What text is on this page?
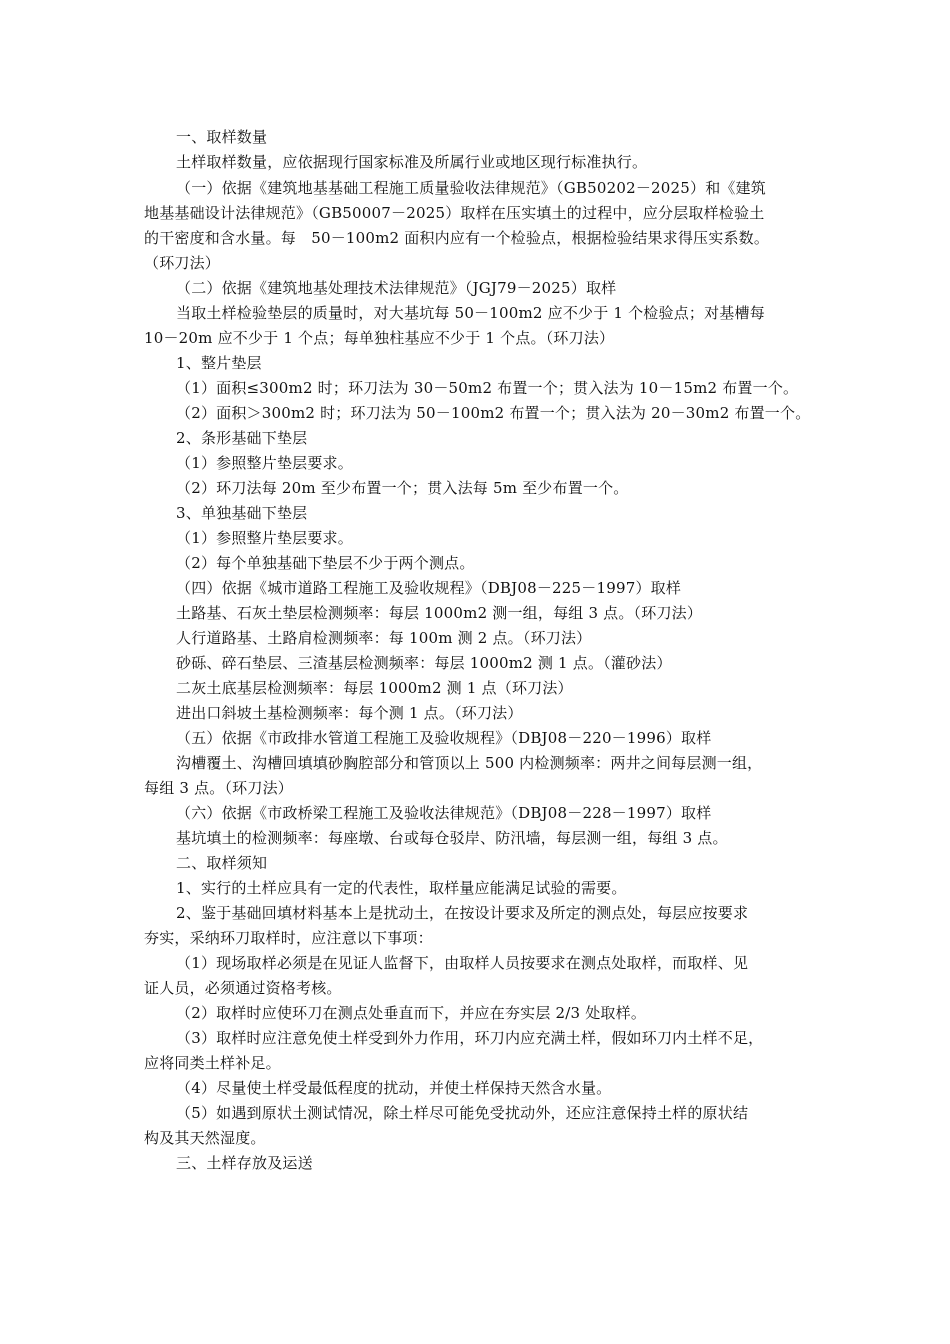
一、取样数量
土样取样数量，应依据现行国家标准及所属行业或地区现行标准执行。
（一）依据《建筑地基基础工程施工质量验收法律规范》（GB50202－2025）和《建筑
地基基础设计法律规范》（GB50007－2025）取样在压实填土的过程中，应分层取样检验土
的干密度和含水量。每　50－100m2 面积内应有一个检验点，根据检验结果求得压实系数。
（环刀法）
（二）依据《建筑地基处理技术法律规范》（JGJ79－2025）取样
当取土样检验垫层的质量时，对大基坑每 50－100m2 应不少于 1 个检验点；对基槽每
10－20m 应不少于 1 个点；每单独柱基应不少于 1 个点。（环刀法）
1、整片垫层
（1）面积≤300m2 时；环刀法为 30－50m2 布置一个；贯入法为 10－15m2 布置一个。
（2）面积＞300m2 时；环刀法为 50－100m2 布置一个；贯入法为 20－30m2 布置一个。
2、条形基础下垫层
（1）参照整片垫层要求。
（2）环刀法每 20m 至少布置一个；贯入法每 5m 至少布置一个。
3、单独基础下垫层
（1）参照整片垫层要求。
（2）每个单独基础下垫层不少于两个测点。
（四）依据《城市道路工程施工及验收规程》（DBJ08－225－1997）取样
土路基、石灰土垫层检测频率：每层 1000m2 测一组，每组 3 点。（环刀法）
人行道路基、土路肩检测频率：每 100m 测 2 点。（环刀法）
砂砾、碎石垫层、三渣基层检测频率：每层 1000m2 测 1 点。（灌砂法）
二灰土底基层检测频率：每层 1000m2 测 1 点（环刀法）
进出口斜坡土基检测频率：每个测 1 点。（环刀法）
（五）依据《市政排水管道工程施工及验收规程》（DBJ08－220－1996）取样
沟槽覆土、沟槽回填填砂胸腔部分和管顶以上 500 内检测频率：两井之间每层测一组，
每组 3 点。（环刀法）
（六）依据《市政桥梁工程施工及验收法律规范》（DBJ08－228－1997）取样
基坑填土的检测频率：每座墩、台或每仓驳岸、防汛墙，每层测一组，每组 3 点。
二、取样须知
1、实行的土样应具有一定的代表性，取样量应能满足试验的需要。
2、鉴于基础回填材料基本上是扰动土，在按设计要求及所定的测点处，每层应按要求
夯实，采纳环刀取样时，应注意以下事项：
（1）现场取样必须是在见证人监督下，由取样人员按要求在测点处取样，而取样、见
证人员，必须通过资格考核。
（2）取样时应使环刀在测点处垂直而下，并应在夯实层 2/3 处取样。
（3）取样时应注意免使土样受到外力作用，环刀内应充满土样，假如环刀内土样不足，
应将同类土样补足。
（4）尽量使土样受最低程度的扰动，并使土样保持天然含水量。
（5）如遇到原状土测试情况，除土样尽可能免受扰动外，还应注意保持土样的原状结
构及其天然湿度。
三、土样存放及运送
